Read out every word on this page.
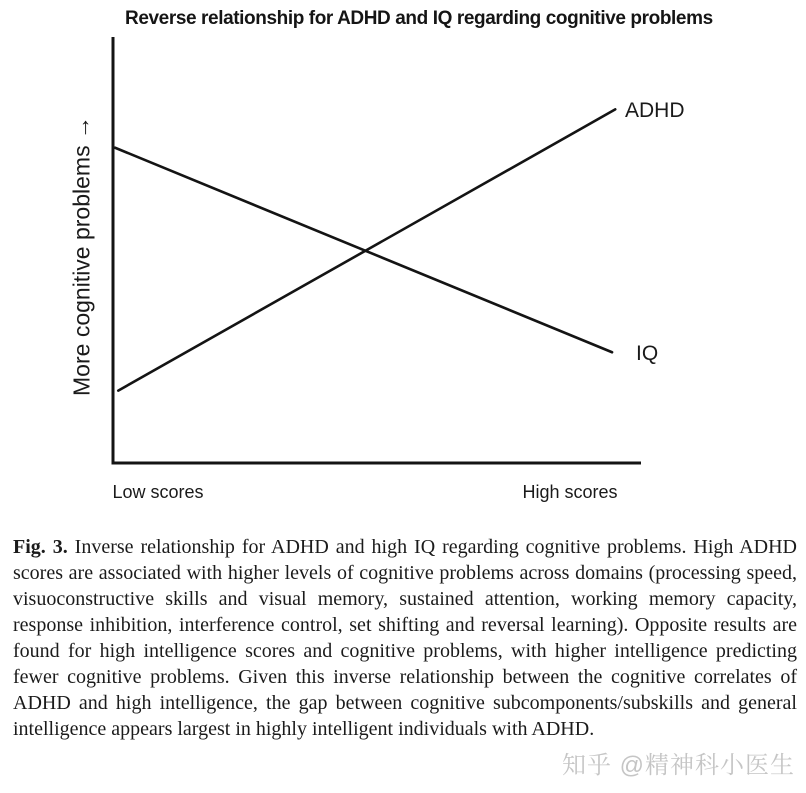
Reverse relationship for ADHD and IQ regarding cognitive problems
More cognitive problems →
ADHD
IQ
Low scores	High scores

Fig. 3. Inverse relationship for ADHD and high IQ regarding cognitive problems. High ADHD scores are associated with higher levels of cognitive problems across domains (processing speed, visuoconstructive skills and visual memory, sustained attention, working memory capacity, response inhibition, interference control, set shifting and reversal learning). Opposite results are found for high intelligence scores and cognitive problems, with higher intelligence predicting fewer cognitive problems. Given this inverse relationship between the cognitive correlates of ADHD and high intelligence, the gap between cognitive subcomponents/subskills and general intelligence appears largest in highly intelligent individuals with ADHD.

知乎 @精神科小医生
